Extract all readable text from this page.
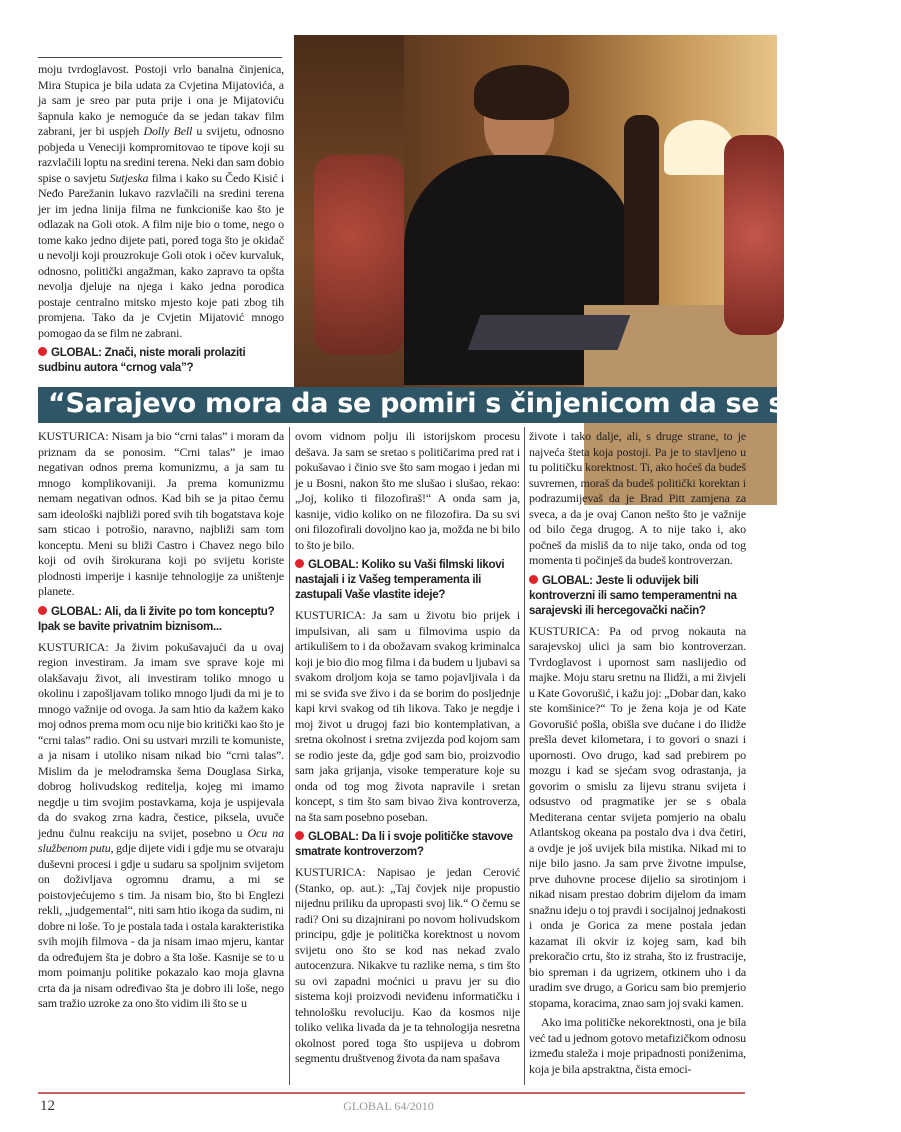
moju tvrdoglavost. Postoji vrlo banalna činjenica, Mira Stupica je bila udata za Cvjetina Mijatovića, a ja sam je sreo par puta prije i ona je Mijatoviću šapnula kako je nemoguće da se jedan takav film zabrani, jer bi uspjeh Dolly Bell u svijetu, odnosno pobjeda u Veneciji kompromitovao te tipove koji su razvlačili loptu na sredini terena. Neki dan sam dobio spise o savjetu Sutjeska filma i kako su Čedo Kisić i Neđo Parežanin lukavo razvlačili na sredini terena jer im jedna linija filma ne funkcioniše kao što je odlazak na Goli otok. A film nije bio o tome, nego o tome kako jedno dijete pati, pored toga što je okidač u nevolji koji prouzrokuje Goli otok i očev kurvaluk, odnosno, politički angažman, kako zapravo ta opšta nevolja djeluje na njega i kako jedna porodica postaje centralno mitsko mjesto koje pati zbog tih promjena. Tako da je Cvjetin Mijatović mnogo pomogao da se film ne zabrani.

GLOBAL: Znači, niste morali prolaziti sudbinu autora “crnog vala”?
“Sarajevo mora da se pomiri s činjenicom da se stradalni

KUSTURICA: Nisam ja bio “crni talas” i moram da priznam da se ponosim. “Crni talas” je imao negativan odnos prema komunizmu, a ja sam tu mnogo komplikovaniji. Ja prema komunizmu nemam negativan odnos. Kad bih se ja pitao čemu sam ideološki najbliži pored svih tih bogatstava koje sam sticao i potrošio, naravno, najbliži sam tom konceptu. Meni su bliži Castro i Chavez nego bilo koji od ovih širokurana koji po svijetu koriste plodnosti imperije i kasnije tehnologije za uništenje planete.

GLOBAL: Ali, da li živite po tom konceptu? Ipak se bavite privatnim biznisom...

KUSTURICA: Ja živim pokušavajući da u ovaj region investiram. Ja imam sve sprave koje mi olakšavaju život, ali investiram toliko mnogo u okolinu i zapošljavam toliko mnogo ljudi da mi je to mnogo važnije od ovoga. Ja sam htio da kažem kako moj odnos prema mom ocu nije bio kritički kao što je “crni talas” radio. Oni su ustvari mrzili te komuniste, a ja nisam i utoliko nisam nikad bio “crni talas”. Mislim da je melodramska šema Douglasa Sirka, dobrog holivudskog reditelja, kojeg mi imamo negdje u tim svojim postavkama, koja je uspijevala da do svakog zrna kadra, čestice, piksela, uvuče jednu čulnu reakciju na svijet, posebno u Ocu na službenom putu, gdje dijete vidi i gdje mu se otvaraju duševni procesi i gdje u sudaru sa spoljnim svijetom on doživljava ogromnu dramu, a mi se poistovjećujemo s tim. Ja nisam bio, što bi Englezi rekli, „judgemental“, niti sam htio ikoga da sudim, ni dobre ni loše. To je postala tada i ostala karakteristika svih mojih filmova - da ja nisam imao mjeru, kantar da određujem šta je dobro a šta loše. Kasnije se to u mom poimanju politike pokazalo kao moja glavna crta da ja nisam određivao šta je dobro ili loše, nego sam tražio uzroke za ono što vidim ili što se u

ovom vidnom polju ili istorijskom procesu dešava. Ja sam se sretao s političarima pred rat i pokušavao i činio sve što sam mogao i jedan mi je u Bosni, nakon što me slušao i slušao, rekao: „Joj, koliko ti filozofiraš!“ A onda sam ja, kasnije, vidio koliko on ne filozofira. Da su svi oni filozofirali dovoljno kao ja, možda ne bi bilo to što je bilo.

GLOBAL: Koliko su Vaši filmski likovi nastajali i iz Vašeg temperamenta ili zastupali Vaše vlastite ideje?

KUSTURICA: Ja sam u životu bio prijek i impulsivan, ali sam u filmovima uspio da artikulišem to i da obožavam svakog kriminalca koji je bio dio mog filma i da budem u ljubavi sa svakom droljom koja se tamo pojavljivala i da mi se sviđa sve živo i da se borim do posljednje kapi krvi svakog od tih likova. Tako je negdje i moj život u drugoj fazi bio kontemplativan, a sretna okolnost i sretna zvijezda pod kojom sam se rodio jeste da, gdje god sam bio, proizvodio sam jaka grijanja, visoke temperature koje su onda od tog mog života napravile i sretan koncept, s tim što sam bivao živa kontroverza, na šta sam posebno poseban.

GLOBAL: Da li i svoje političke stavove smatrate kontroverzom?

KUSTURICA: Napisao je jedan Cerović (Stanko, op. aut.): „Taj čovjek nije propustio nijednu priliku da upropasti svoj lik.“ O čemu se radi? Oni su dizajnirani po novom holivudskom principu, gdje je politička korektnost u novom svijetu ono što se kod nas nekad zvalo autocenzura. Nikakve tu razlike nema, s tim što su ovi zapadni moćnici u pravu jer su dio sistema koji proizvodi neviđenu informatičku i tehnološku revoluciju. Kao da kosmos nije toliko velika livada da je ta tehnologija nesretna okolnost pored toga što uspijeva u dobrom segmentu društvenog života da nam spašava

živote i tako dalje, ali, s druge strane, to je najveća šteta koja postoji. Pa je to stavljeno u tu političku korektnost. Ti, ako hoćeš da budeš suvremen, moraš da budeš politički korektan i podrazumijevaš da je Brad Pitt zamjena za sveca, a da je ovaj Canon nešto što je važnije od bilo čega drugog. A to nije tako i, ako počneš da misliš da to nije tako, onda od tog momenta ti počinješ da budeš kontroverzan.

GLOBAL: Jeste li oduvijek bili kontroverzni ili samo temperamentni na sarajevski ili hercegovački način?

KUSTURICA: Pa od prvog nokauta na sarajevskoj ulici ja sam bio kontroverzan. Tvrdoglavost i upornost sam naslijedio od majke. Moju staru sretnu na Ilidži, a mi živjeli u Kate Govorušić, i kažu joj: „Dobar dan, kako ste komšinice?“ To je žena koja je od Kate Govorušić pošla, obišla sve dućane i do Ilidže prešla devet kilometara, i to govori o snazi i upornosti. Ovo drugo, kad sad prebirem po mozgu i kad se sjećam svog odrastanja, ja govorim o smislu za lijevu stranu svijeta i odsustvo od pragmatike jer se s obala Mediterana centar svijeta pomjerio na obalu Atlantskog okeana pa postalo dva i dva četiri, a ovdje je još uvijek bila mistika. Nikad mi to nije bilo jasno. Ja sam prve životne impulse, prve duhovne procese dijelio sa sirotinjom i nikad nisam prestao dobrim dijelom da imam snažnu ideju o toj pravdi i socijalnoj jednakosti i onda je Gorica za mene postala jedan kazamat ili okvir iz kojeg sam, kad bih prekoračio crtu, što iz straha, što iz frustracije, bio spreman i da ugrizem, otkinem uho i da uradim sve drugo, a Goricu sam bio premjerio stopama, koracima, znao sam joj svaki kamen.

Ako ima političke nekorektnosti, ona je bila već tad u jednom gotovo metafizičkom odnosu između staleža i moje pripadnosti poniženima, koja je bila apstraktna, čista emoci-

12	GLOBAL 64/2010
